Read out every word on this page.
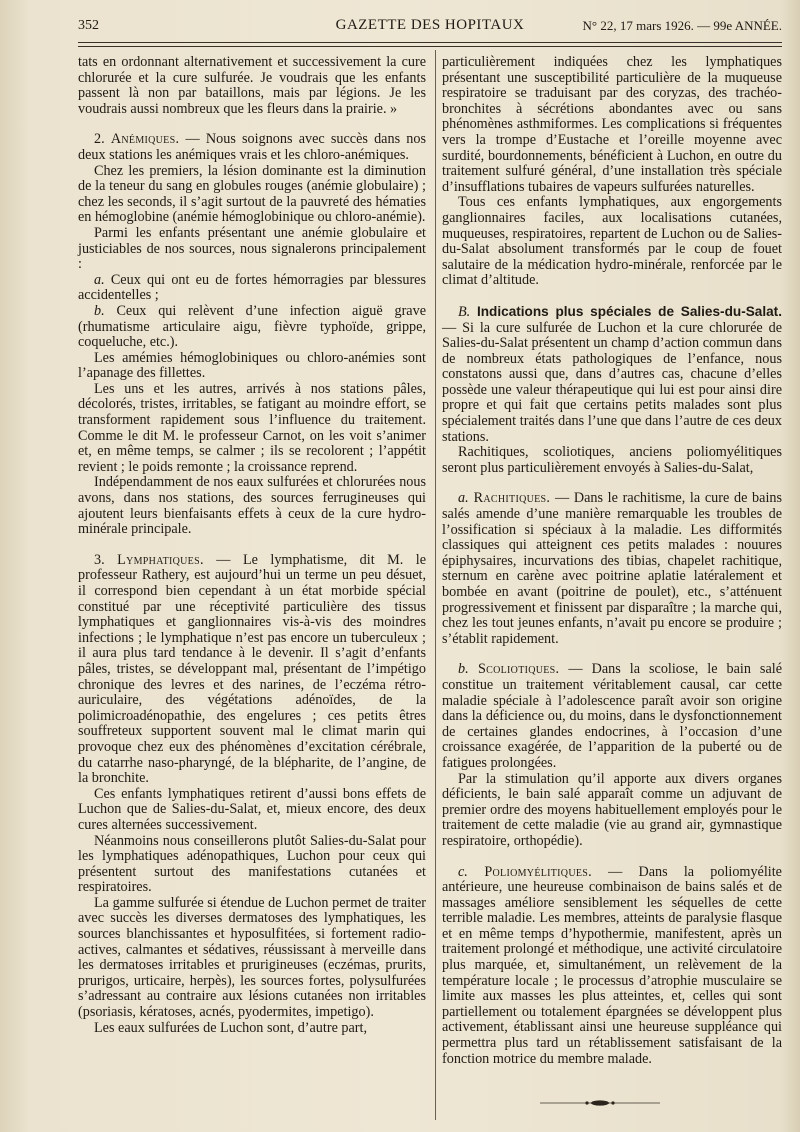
352	GAZETTE DES HOPITAUX	N° 22, 17 mars 1926. — 99e ANNÉE.

tats en ordonnant alternativement et successivement la cure chlorurée et la cure sulfurée. Je voudrais que les enfants passent là non par bataillons, mais par légions. Je les voudrais aussi nombreux que les fleurs dans la prairie. »

2. Anémiques. — Nous soignons avec succès dans nos deux stations les anémiques vrais et les chloro-anémiques.

Chez les premiers, la lésion dominante est la diminution de la teneur du sang en globules rouges (anémie globulaire) ; chez les seconds, il s’agit surtout de la pauvreté des hématies en hémoglobine (anémie hémoglobinique ou chloro-anémie).

Parmi les enfants présentant une anémie globulaire et justiciables de nos sources, nous signalerons principalement :

a. Ceux qui ont eu de fortes hémorragies par blessures accidentelles ;

b. Ceux qui relèvent d’une infection aiguë grave (rhumatisme articulaire aigu, fièvre typhoïde, grippe, coqueluche, etc.).

Les amémies hémoglobiniques ou chloro-anémies sont l’apanage des fillettes.

Les uns et les autres, arrivés à nos stations pâles, décolorés, tristes, irritables, se fatigant au moindre effort, se transforment rapidement sous l’influence du traitement. Comme le dit M. le professeur Carnot, on les voit s’animer et, en même temps, se calmer ; ils se recolorent ; l’appétit revient ; le poids remonte ; la croissance reprend.

Indépendamment de nos eaux sulfurées et chlorurées nous avons, dans nos stations, des sources ferrugineuses qui ajoutent leurs bienfaisants effets à ceux de la cure hydro-minérale principale.

3. Lymphatiques. — Le lymphatisme, dit M. le professeur Rathery, est aujourd’hui un terme un peu désuet, il correspond bien cependant à un état morbide spécial constitué par une réceptivité particulière des tissus lymphatiques et ganglionnaires vis-à-vis des moindres infections ; le lymphatique n’est pas encore un tuberculeux ; il aura plus tard tendance à le devenir. Il s’agit d’enfants pâles, tristes, se développant mal, présentant de l’impétigo chronique des levres et des narines, de l’eczéma rétro-auriculaire, des végétations adénoïdes, de la polimicroadénopathie, des engelures ; ces petits êtres souffreteux supportent souvent mal le climat marin qui provoque chez eux des phénomènes d’excitation cérébrale, du catarrhe naso-pharyngé, de la blépharite, de l’angine, de la bronchite.

Ces enfants lymphatiques retirent d’aussi bons effets de Luchon que de Salies-du-Salat, et, mieux encore, des deux cures alternées successivement.

Néanmoins nous conseillerons plutôt Salies-du-Salat pour les lymphatiques adénopathiques, Luchon pour ceux qui présentent surtout des manifestations cutanées et respiratoires.

La gamme sulfurée si étendue de Luchon permet de traiter avec succès les diverses dermatoses des lymphatiques, les sources blanchissantes et hyposulfitées, si fortement radio-actives, calmantes et sédatives, réussissant à merveille dans les dermatoses irritables et prurigineuses (eczémas, prurits, prurigos, urticaire, herpès), les sources fortes, polysulfurées s’adressant au contraire aux lésions cutanées non irritables (psoriasis, kératoses, acnés, pyodermites, impetigo).

Les eaux sulfurées de Luchon sont, d’autre part,

particulièrement indiquées chez les lymphatiques présentant une susceptibilité particulière de la muqueuse respiratoire se traduisant par des coryzas, des trachéo-bronchites à sécrétions abondantes avec ou sans phénomènes asthmiformes. Les complications si fréquentes vers la trompe d’Eustache et l’oreille moyenne avec surdité, bourdonnements, bénéficient à Luchon, en outre du traitement sulfuré général, d’une installation très spéciale d’insufflations tubaires de vapeurs sulfurées naturelles.

Tous ces enfants lymphatiques, aux engorgements ganglionnaires faciles, aux localisations cutanées, muqueuses, respiratoires, repartent de Luchon ou de Salies-du-Salat absolument transformés par le coup de fouet salutaire de la médication hydro-minérale, renforcée par le climat d’altitude.

B. Indications plus spéciales de Salies-du-Salat. — Si la cure sulfurée de Luchon et la cure chlorurée de Salies-du-Salat présentent un champ d’action commun dans de nombreux états pathologiques de l’enfance, nous constatons aussi que, dans d’autres cas, chacune d’elles possède une valeur thérapeutique qui lui est pour ainsi dire propre et qui fait que certains petits malades sont plus spécialement traités dans l’une que dans l’autre de ces deux stations.

Rachitiques, scoliotiques, anciens poliomyélitiques seront plus particulièrement envoyés à Salies-du-Salat,

a. Rachitiques. — Dans le rachitisme, la cure de bains salés amende d’une manière remarquable les troubles de l’ossification si spéciaux à la maladie. Les difformités classiques qui atteignent ces petits malades : nouures épiphysaires, incurvations des tibias, chapelet rachitique, sternum en carène avec poitrine aplatie latéralement et bombée en avant (poitrine de poulet), etc., s’atténuent progressivement et finissent par disparaître ; la marche qui, chez les tout jeunes enfants, n’avait pu encore se produire ; s’établit rapidement.

b. Scoliotiques. — Dans la scoliose, le bain salé constitue un traitement véritablement causal, car cette maladie spéciale à l’adolescence paraît avoir son origine dans la déficience ou, du moins, dans le dysfonctionnement de certaines glandes endocrines, à l’occasion d’une croissance exagérée, de l’apparition de la puberté ou de fatigues prolongées.

Par la stimulation qu’il apporte aux divers organes déficients, le bain salé apparaît comme un adjuvant de premier ordre des moyens habituellement employés pour le traitement de cette maladie (vie au grand air, gymnastique respiratoire, orthopédie).

c. Poliomyélitiques. — Dans la poliomyélite antérieure, une heureuse combinaison de bains salés et de massages améliore sensiblement les séquelles de cette terrible maladie. Les membres, atteints de paralysie flasque et en même temps d’hypothermie, manifestent, après un traitement prolongé et méthodique, une activité circulatoire plus marquée, et, simultanément, un relèvement de la température locale ; le processus d’atrophie musculaire se limite aux masses les plus atteintes, et, celles qui sont partiellement ou totalement épargnées se développent plus activement, établissant ainsi une heureuse suppléance qui permettra plus tard un rétablissement satisfaisant de la fonction motrice du membre malade.
